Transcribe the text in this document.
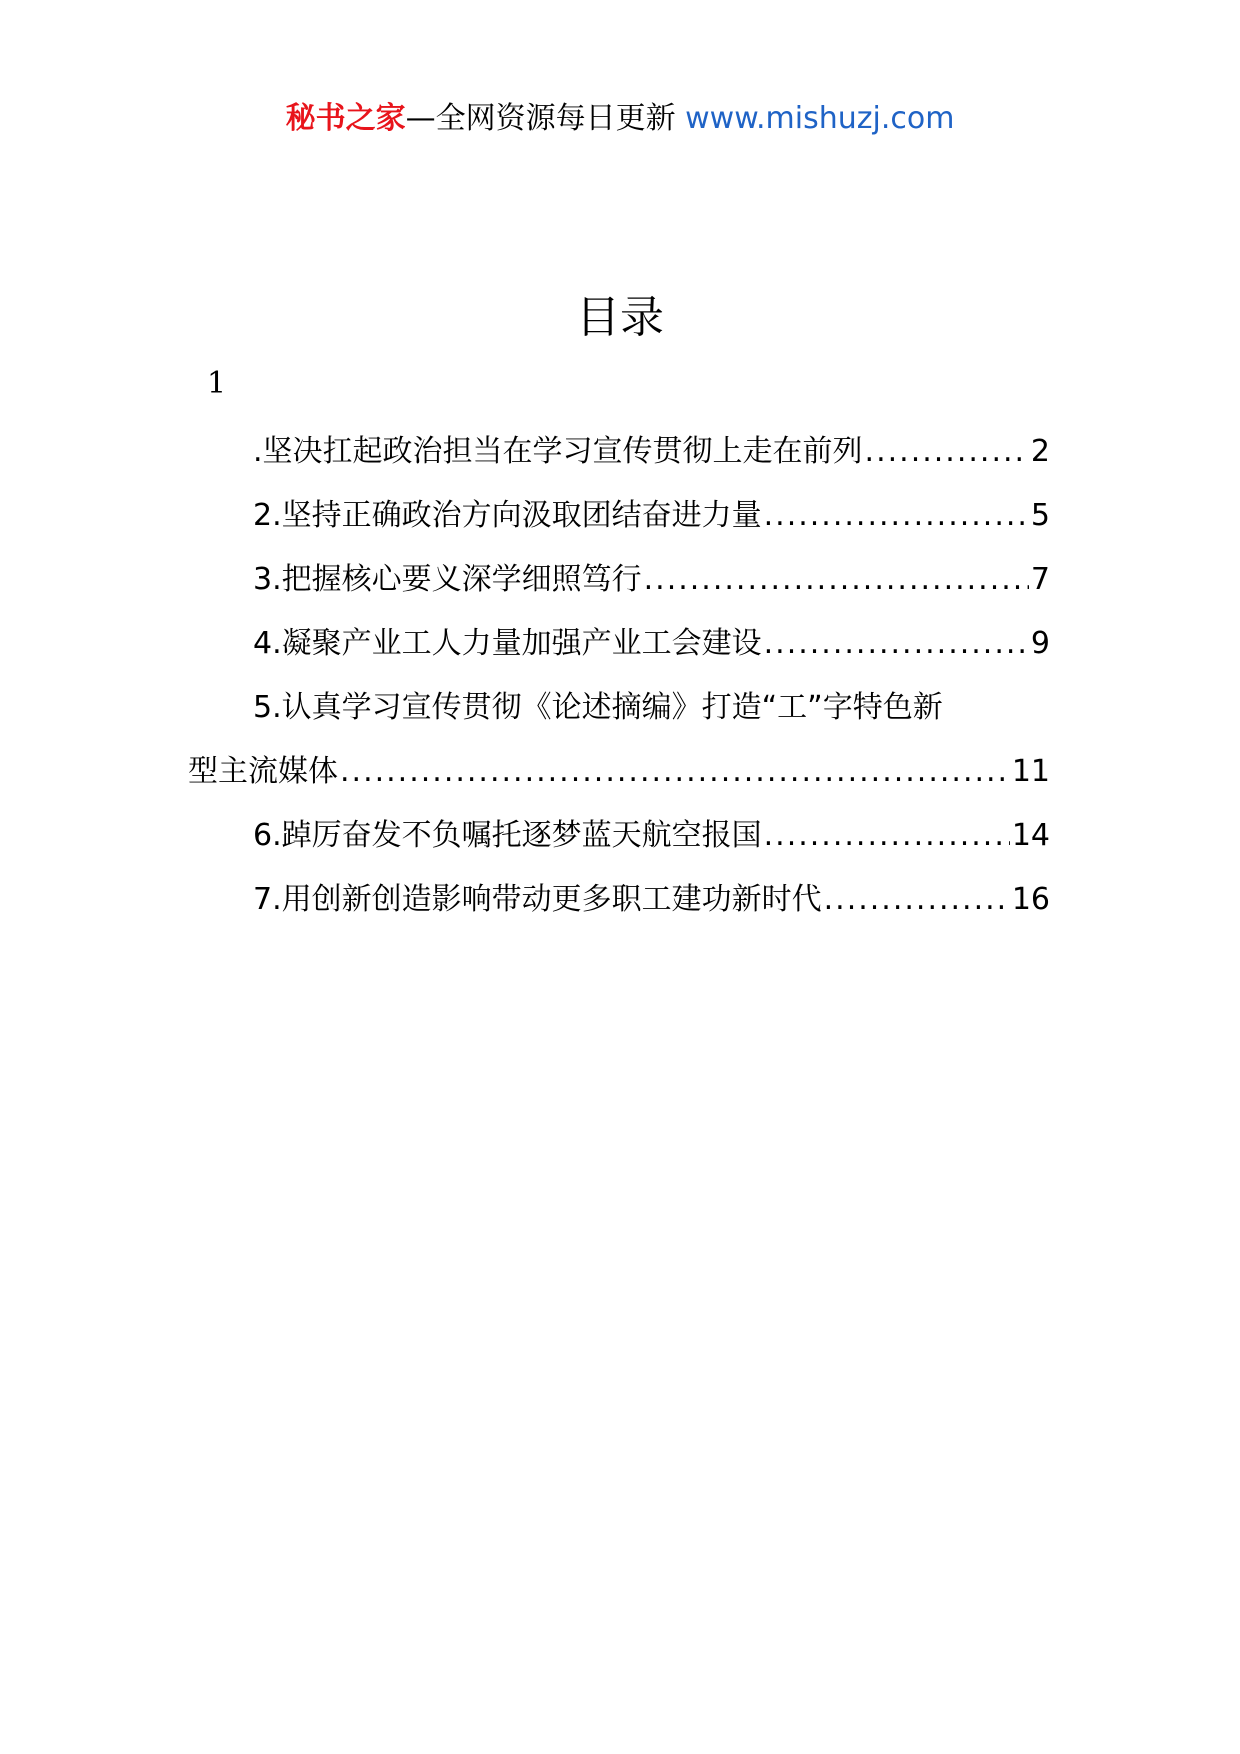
秘书之家—全网资源每日更新 www.mishuzj.com
目录
1
.坚决扛起政治担当在学习宣传贯彻上走在前列 .....	2
2.坚持正确政治方向汲取团结奋进力量 .....	5
3.把握核心要义深学细照笃行 .....	7
4.凝聚产业工人力量加强产业工会建设 .....	9
5.认真学习宣传贯彻《论述摘编》打造“工”字特色新
型主流媒体 .....	11
6.踔厉奋发不负嘱托逐梦蓝天航空报国 .....	14
7.用创新创造影响带动更多职工建功新时代 .....	16
